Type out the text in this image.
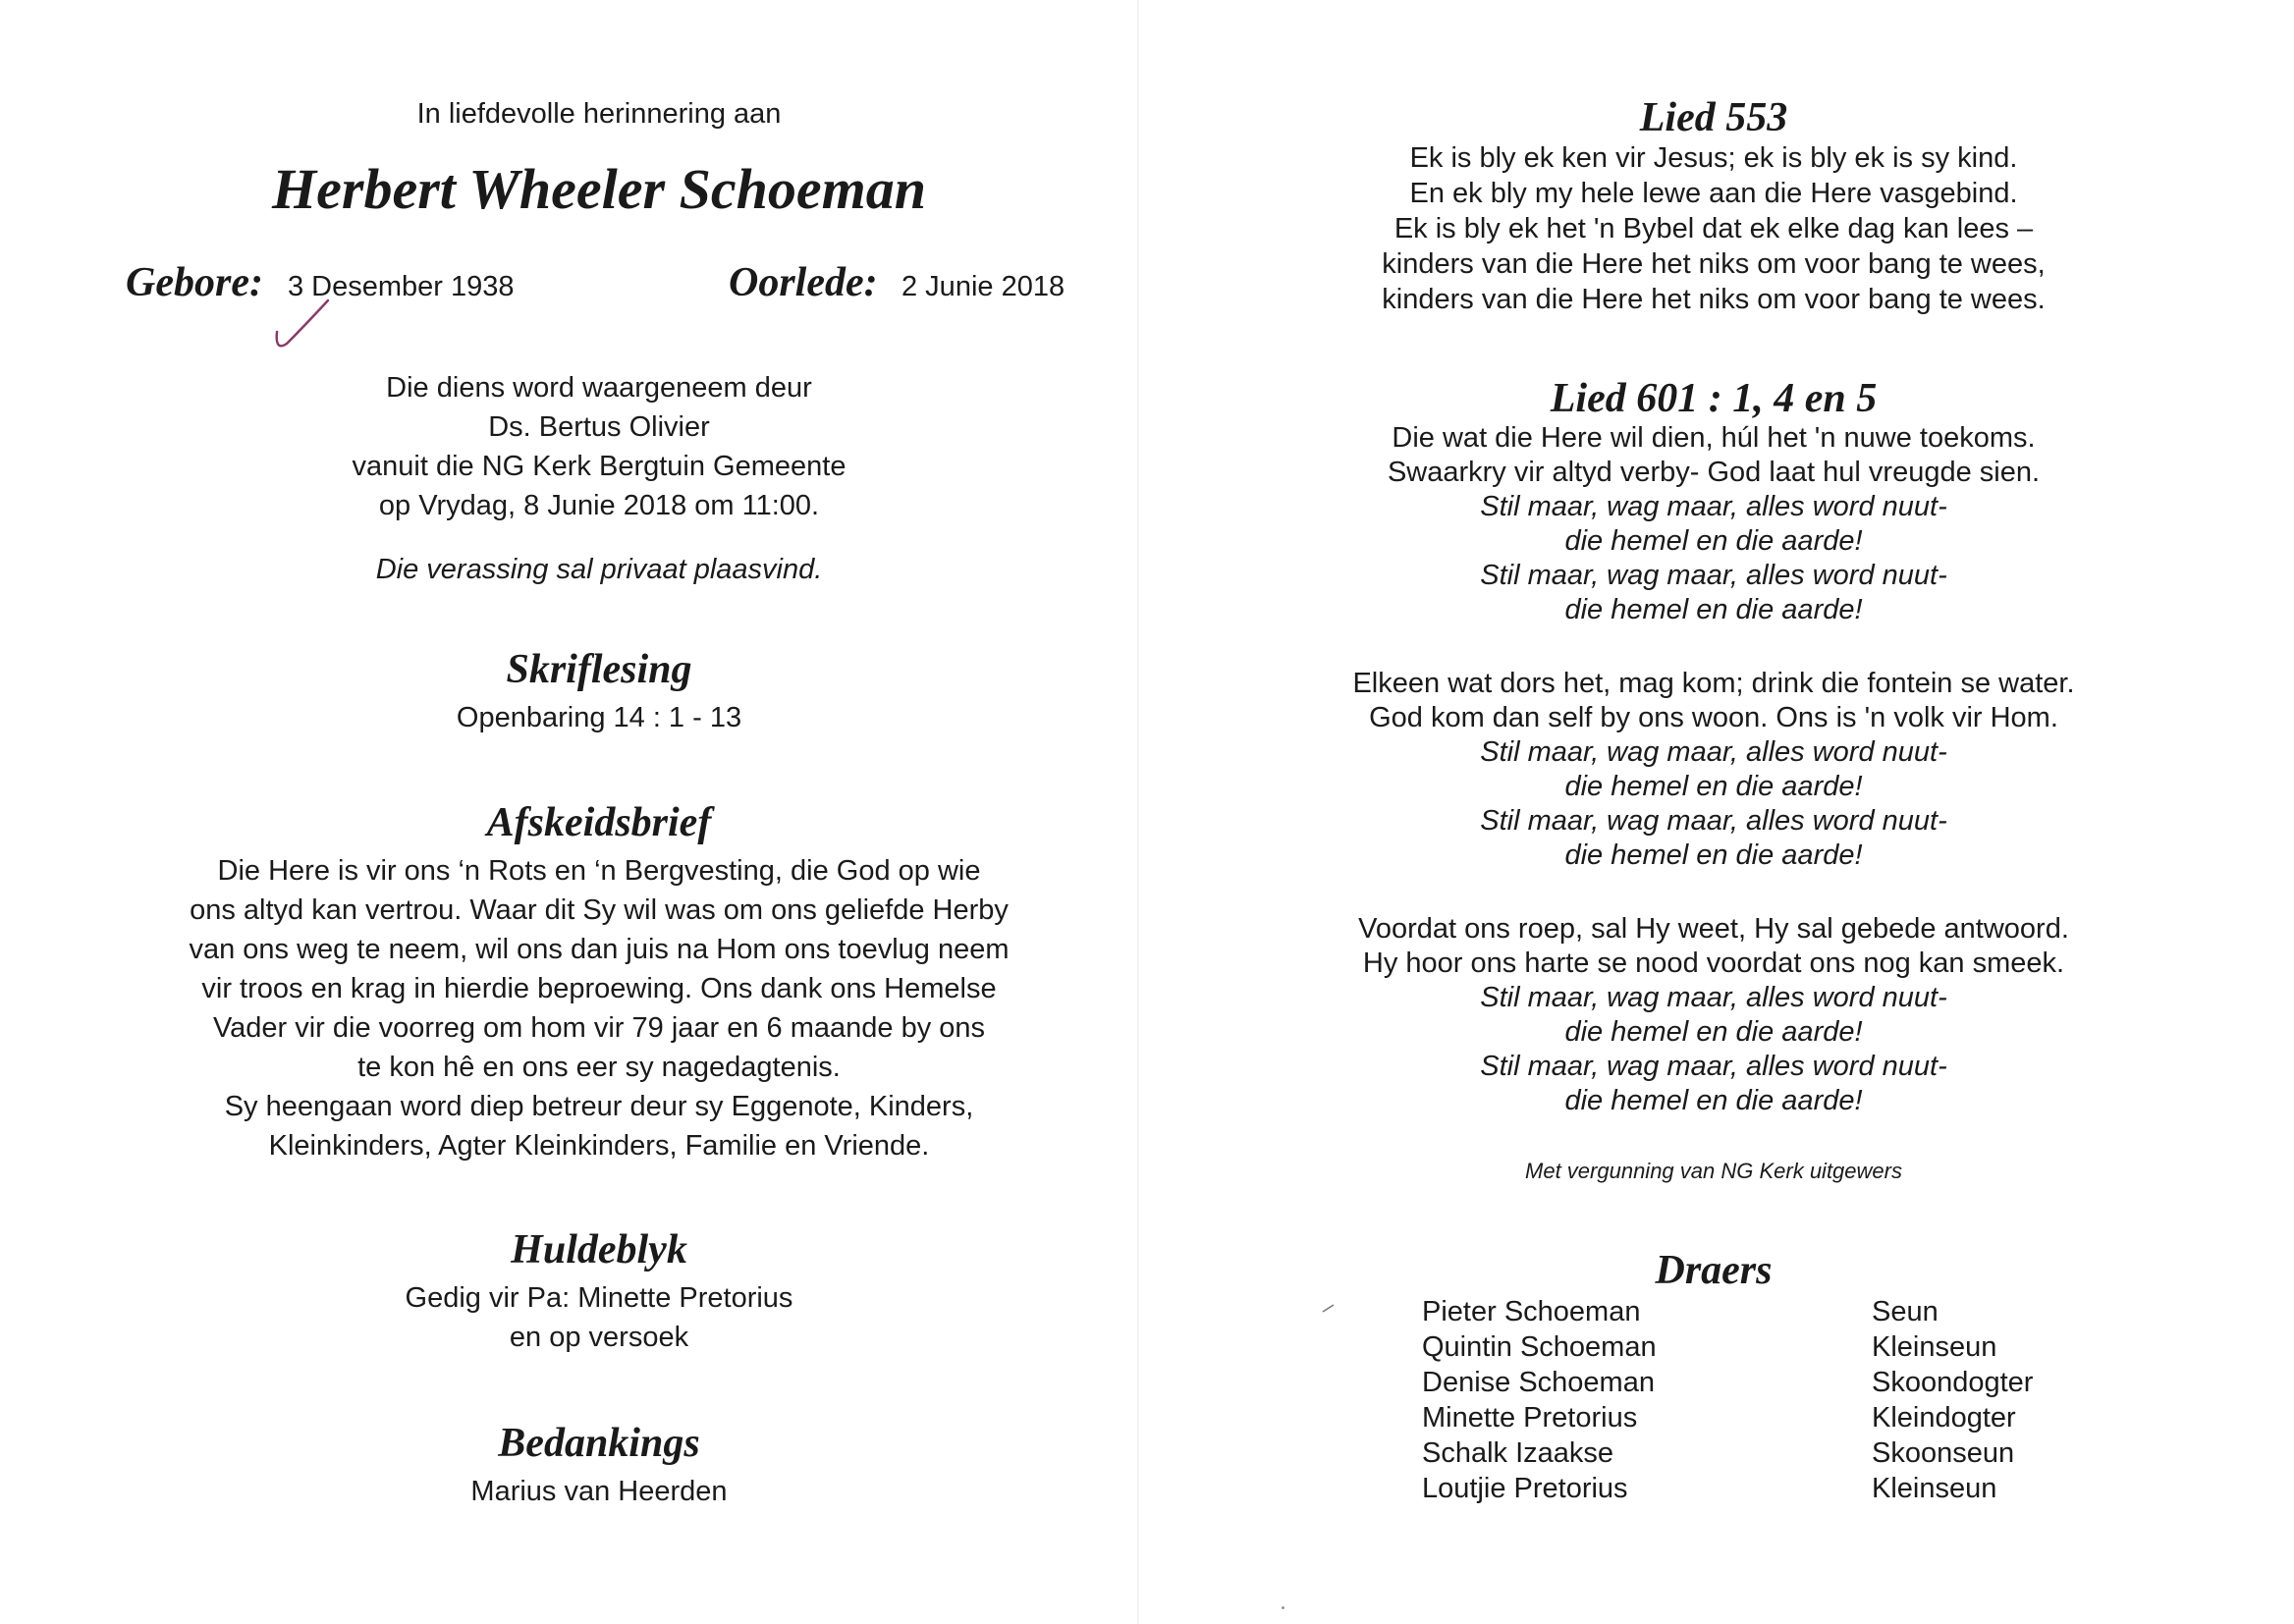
In liefdevolle herinnering aan
Herbert Wheeler Schoeman
Gebore: 3 Desember 1938	Oorlede: 2 Junie 2018
Die diens word waargeneem deur
Ds. Bertus Olivier
vanuit die NG Kerk Bergtuin Gemeente
op Vrydag, 8 Junie 2018 om 11:00.
Die verassing sal privaat plaasvind.
Skriflesing
Openbaring 14 : 1 - 13
Afskeidsbrief
Die Here is vir ons ‘n Rots en ‘n Bergvesting, die God op wie
ons altyd kan vertrou. Waar dit Sy wil was om ons geliefde Herby
van ons weg te neem, wil ons dan juis na Hom ons toevlug neem
vir troos en krag in hierdie beproewing. Ons dank ons Hemelse
Vader vir die voorreg om hom vir 79 jaar en 6 maande by ons
te kon hê en ons eer sy nagedagtenis.
Sy heengaan word diep betreur deur sy Eggenote, Kinders,
Kleinkinders, Agter Kleinkinders, Familie en Vriende.
Huldeblyk
Gedig vir Pa: Minette Pretorius
en op versoek
Bedankings
Marius van Heerden
Lied 553
Ek is bly ek ken vir Jesus; ek is bly ek is sy kind.
En ek bly my hele lewe aan die Here vasgebind.
Ek is bly ek het 'n Bybel dat ek elke dag kan lees –
kinders van die Here het niks om voor bang te wees,
kinders van die Here het niks om voor bang te wees.
Lied 601 : 1, 4 en 5
Die wat die Here wil dien, húl het 'n nuwe toekoms.
Swaarkry vir altyd verby- God laat hul vreugde sien.
Stil maar, wag maar, alles word nuut-
die hemel en die aarde!
Stil maar, wag maar, alles word nuut-
die hemel en die aarde!
Elkeen wat dors het, mag kom; drink die fontein se water.
God kom dan self by ons woon. Ons is 'n volk vir Hom.
Stil maar, wag maar, alles word nuut-
die hemel en die aarde!
Stil maar, wag maar, alles word nuut-
die hemel en die aarde!
Voordat ons roep, sal Hy weet, Hy sal gebede antwoord.
Hy hoor ons harte se nood voordat ons nog kan smeek.
Stil maar, wag maar, alles word nuut-
die hemel en die aarde!
Stil maar, wag maar, alles word nuut-
die hemel en die aarde!
Met vergunning van NG Kerk uitgewers
Draers
Pieter Schoeman	Seun
Quintin Schoeman	Kleinseun
Denise Schoeman	Skoondogter
Minette Pretorius	Kleindogter
Schalk Izaakse	Skoonseun
Loutjie Pretorius	Kleinseun
